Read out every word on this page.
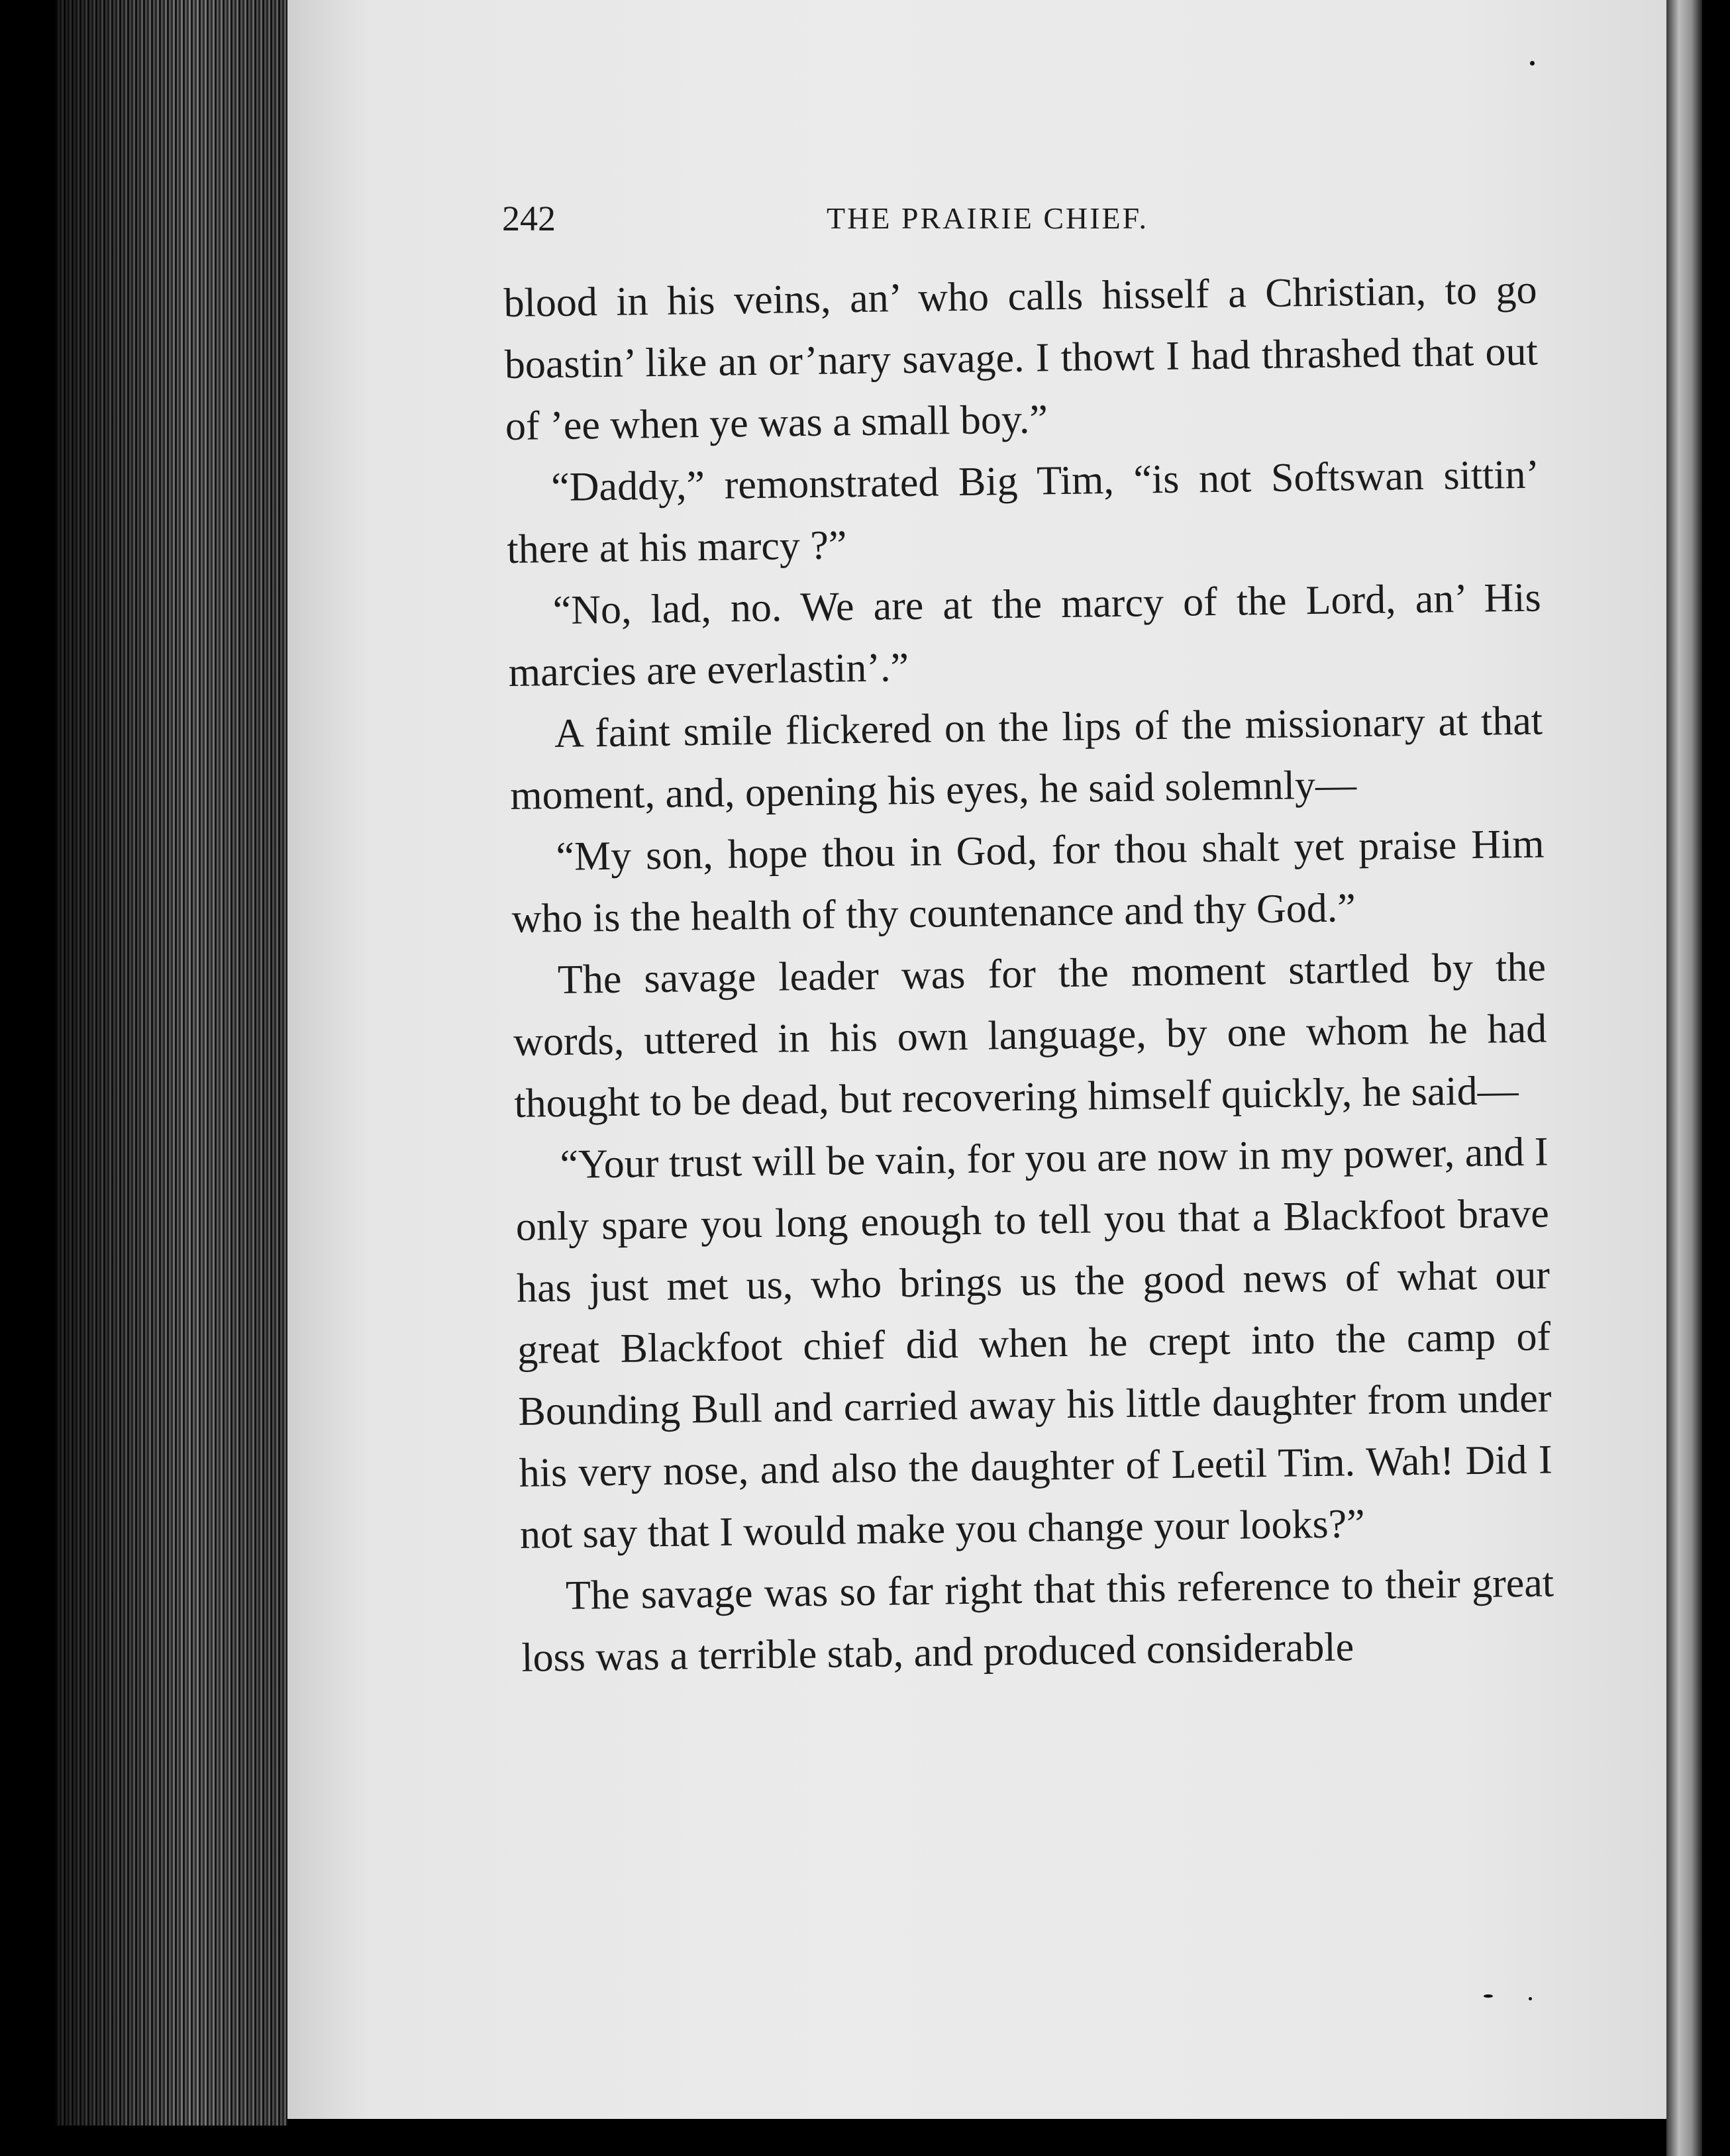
242	THE PRAIRIE CHIEF.

blood in his veins, an’ who calls hisself a Christian, to go boastin’ like an or’nary savage. I thowt I had thrashed that out of ’ee when ye was a small boy.”

“Daddy,” remonstrated Big Tim, “is not Softswan sittin’ there at his marcy ?”

“No, lad, no. We are at the marcy of the Lord, an’ His marcies are everlastin’.”

A faint smile flickered on the lips of the missionary at that moment, and, opening his eyes, he said solemnly—

“My son, hope thou in God, for thou shalt yet praise Him who is the health of thy countenance and thy God.”

The savage leader was for the moment startled by the words, uttered in his own language, by one whom he had thought to be dead, but recovering himself quickly, he said—

“Your trust will be vain, for you are now in my power, and I only spare you long enough to tell you that a Blackfoot brave has just met us, who brings us the good news of what our great Blackfoot chief did when he crept into the camp of Bounding Bull and carried away his little daughter from under his very nose, and also the daughter of Leetil Tim. Wah! Did I not say that I would make you change your looks?”

The savage was so far right that this reference to their great loss was a terrible stab, and produced considerable
